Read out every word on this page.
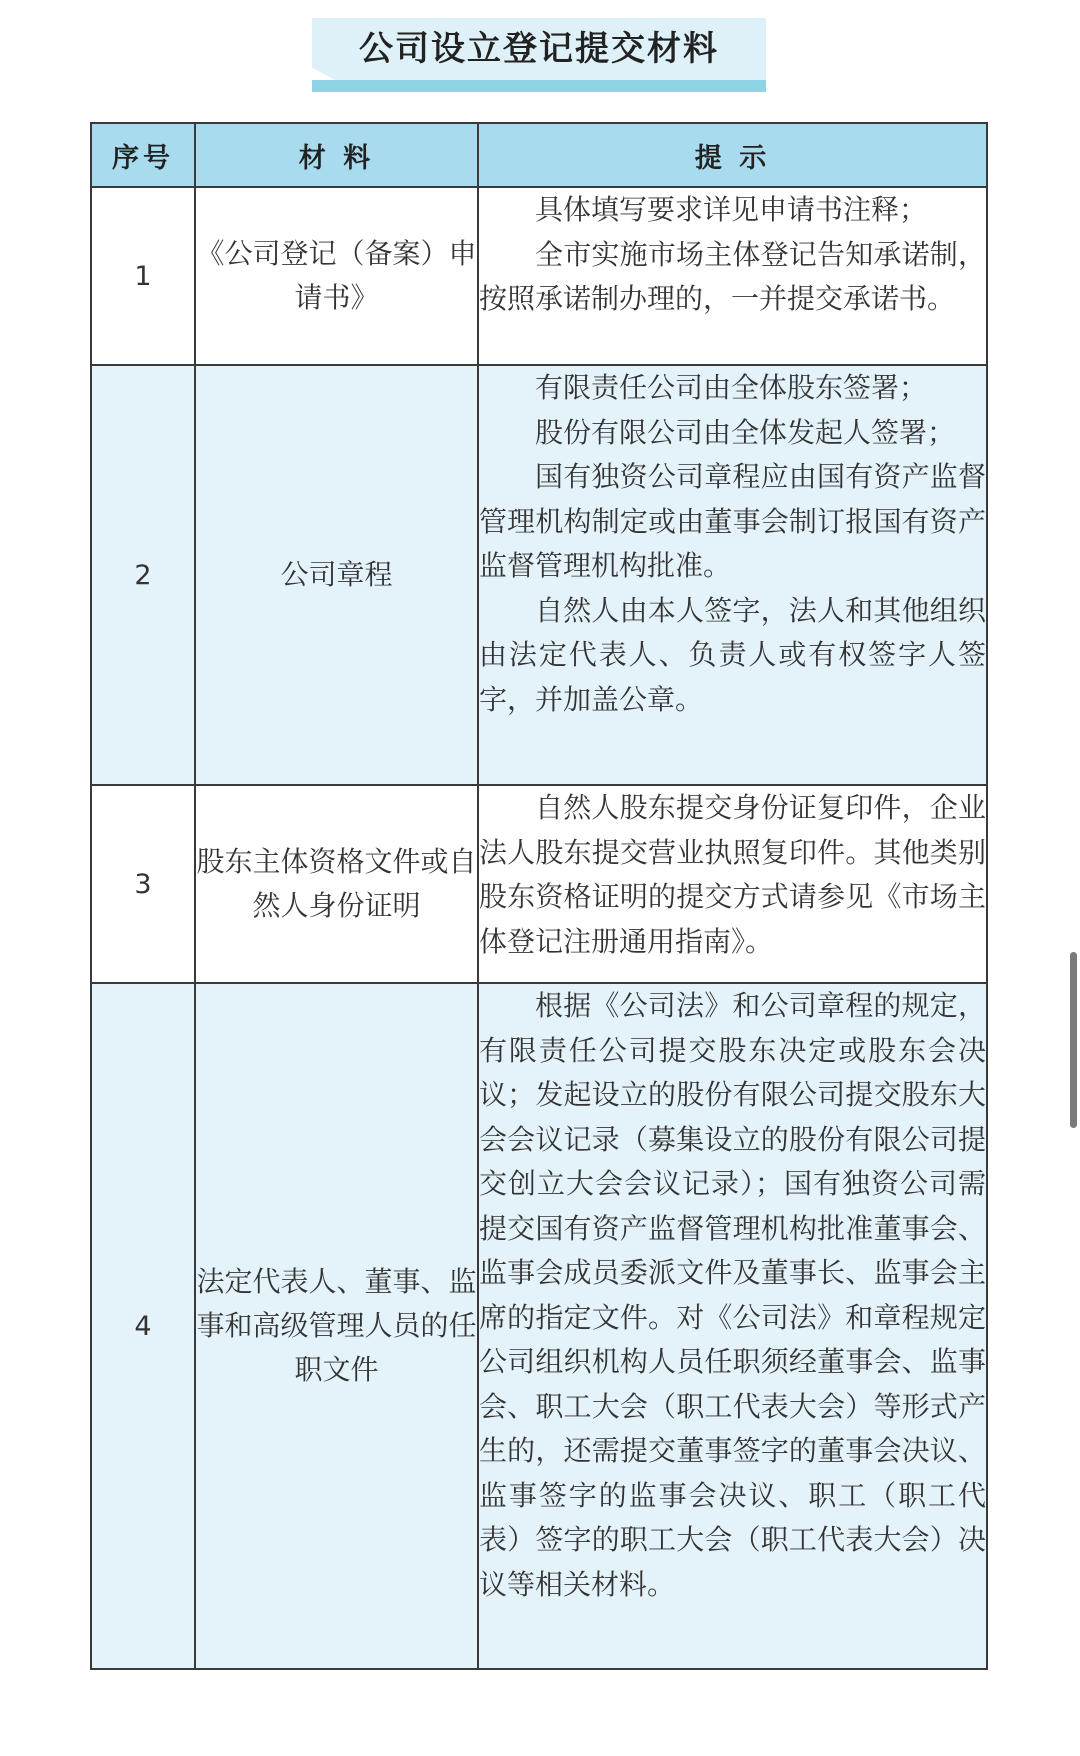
公司设立登记提交材料
序号	材 料	提 示
1	《公司登记（备案）申请书》	具体填写要求详见申请书注释；

全市实施市场主体登记告知承诺制，按照承诺制办理的，一并提交承诺书。

2	公司章程	有限责任公司由全体股东签署；

股份有限公司由全体发起人签署；

国有独资公司章程应由国有资产监督管理机构制定或由董事会制订报国有资产监督管理机构批准。

自然人由本人签字，法人和其他组织由法定代表人、负责人或有权签字人签字，并加盖公章。

3	股东主体资格文件或自然人身份证明	自然人股东提交身份证复印件，企业法人股东提交营业执照复印件。其他类别股东资格证明的提交方式请参见《市场主体登记注册通用指南》。

4	法定代表人、董事、监事和高级管理人员的任职文件	根据《公司法》和公司章程的规定，有限责任公司提交股东决定或股东会决议；发起设立的股份有限公司提交股东大会会议记录（募集设立的股份有限公司提交创立大会会议记录）；国有独资公司需提交国有资产监督管理机构批准董事会、监事会成员委派文件及董事长、监事会主席的指定文件。对《公司法》和章程规定公司组织机构人员任职须经董事会、监事会、职工大会（职工代表大会）等形式产生的，还需提交董事签字的董事会决议、监事签字的监事会决议、职工（职工代表）签字的职工大会（职工代表大会）决议等相关材料。
